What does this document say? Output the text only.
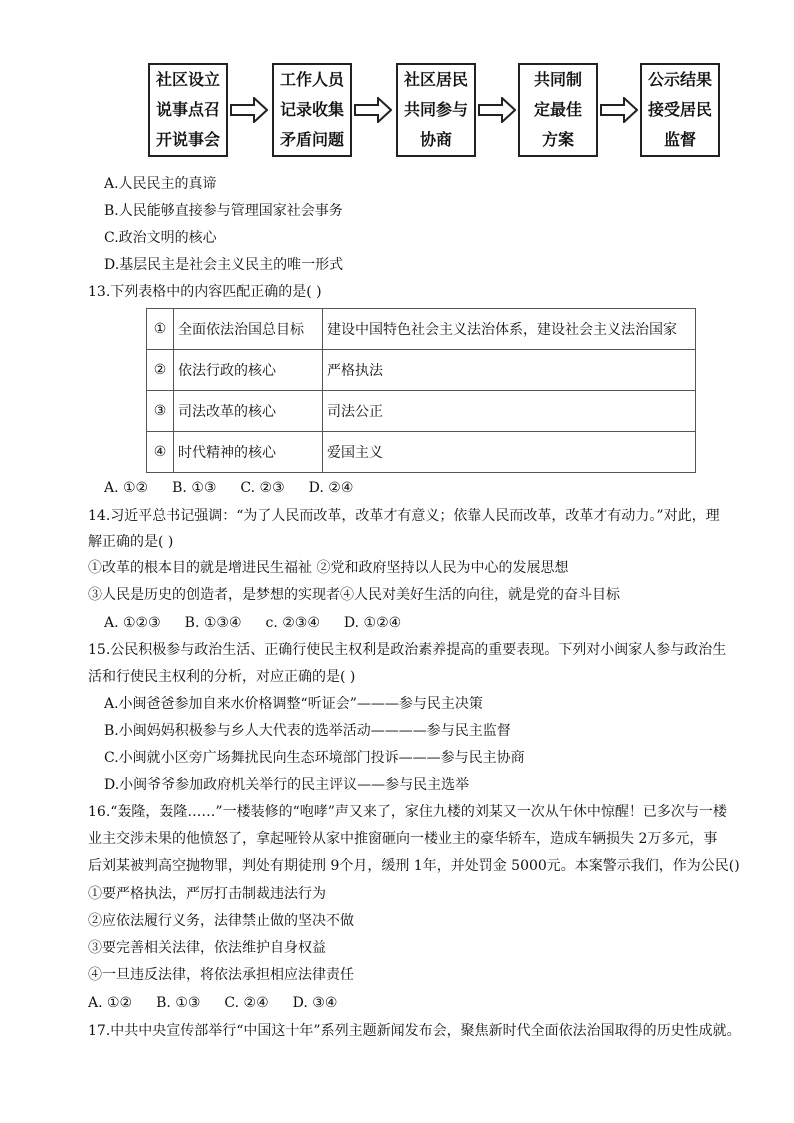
社区设立
说事点召
开说事会
工作人员
记录收集
矛盾问题
社区居民
共同参与
协商
共同制
定最佳
方案
公示结果
接受居民
监督
A.人民民主的真谛
B.人民能够直接参与管理国家社会事务
C.政治文明的核心
D.基层民主是社会主义民主的唯一形式
13.下列表格中的内容匹配正确的是( )
①	全面依法治国总目标	建设中国特色社会主义法治体系，建设社会主义法治国家
②	依法行政的核心	严格执法
③	司法改革的核心	司法公正
④	时代精神的核心	爱国主义
A. ①② B. ①③ C. ②③ D. ②④
14.习近平总书记强调：“为了人民而改革，改革才有意义；依靠人民而改革，改革才有动力。”对此，理
解正确的是( )
①改革的根本目的就是增进民生福祉 ②党和政府坚持以人民为中心的发展思想
③人民是历史的创造者，是梦想的实现者④人民对美好生活的向往，就是党的奋斗目标
A. ①②③ B. ①③④ c. ②③④ D. ①②④
15.公民积极参与政治生活、正确行使民主权利是政治素养提高的重要表现。下列对小闽家人参与政治生
活和行使民主权利的分析，对应正确的是( )
A.小闽爸爸参加自来水价格调整“听证会”———参与民主决策
B.小闽妈妈积极参与乡人大代表的选举活动————参与民主监督
C.小闽就小区旁广场舞扰民向生态环境部门投诉———参与民主协商
D.小闽爷爷参加政府机关举行的民主评议——参与民主选举
16.“轰隆，轰隆……”一楼装修的“咆哮”声又来了，家住九楼的刘某又一次从午休中惊醒！已多次与一楼
业主交涉未果的他愤怒了，拿起哑铃从家中推窗砸向一楼业主的豪华轿车，造成车辆损失 2万多元，事
后刘某被判高空抛物罪，判处有期徒刑 9个月，缓刑 1年，并处罚金 5000元。本案警示我们，作为公民()
①要严格执法，严厉打击制裁违法行为
②应依法履行义务，法律禁止做的坚决不做
③要完善相关法律，依法维护自身权益
④一旦违反法律，将依法承担相应法律责任
A. ①② B. ①③ C. ②④ D. ③④
17.中共中央宣传部举行“中国这十年”系列主题新闻发布会，聚焦新时代全面依法治国取得的历史性成就。
